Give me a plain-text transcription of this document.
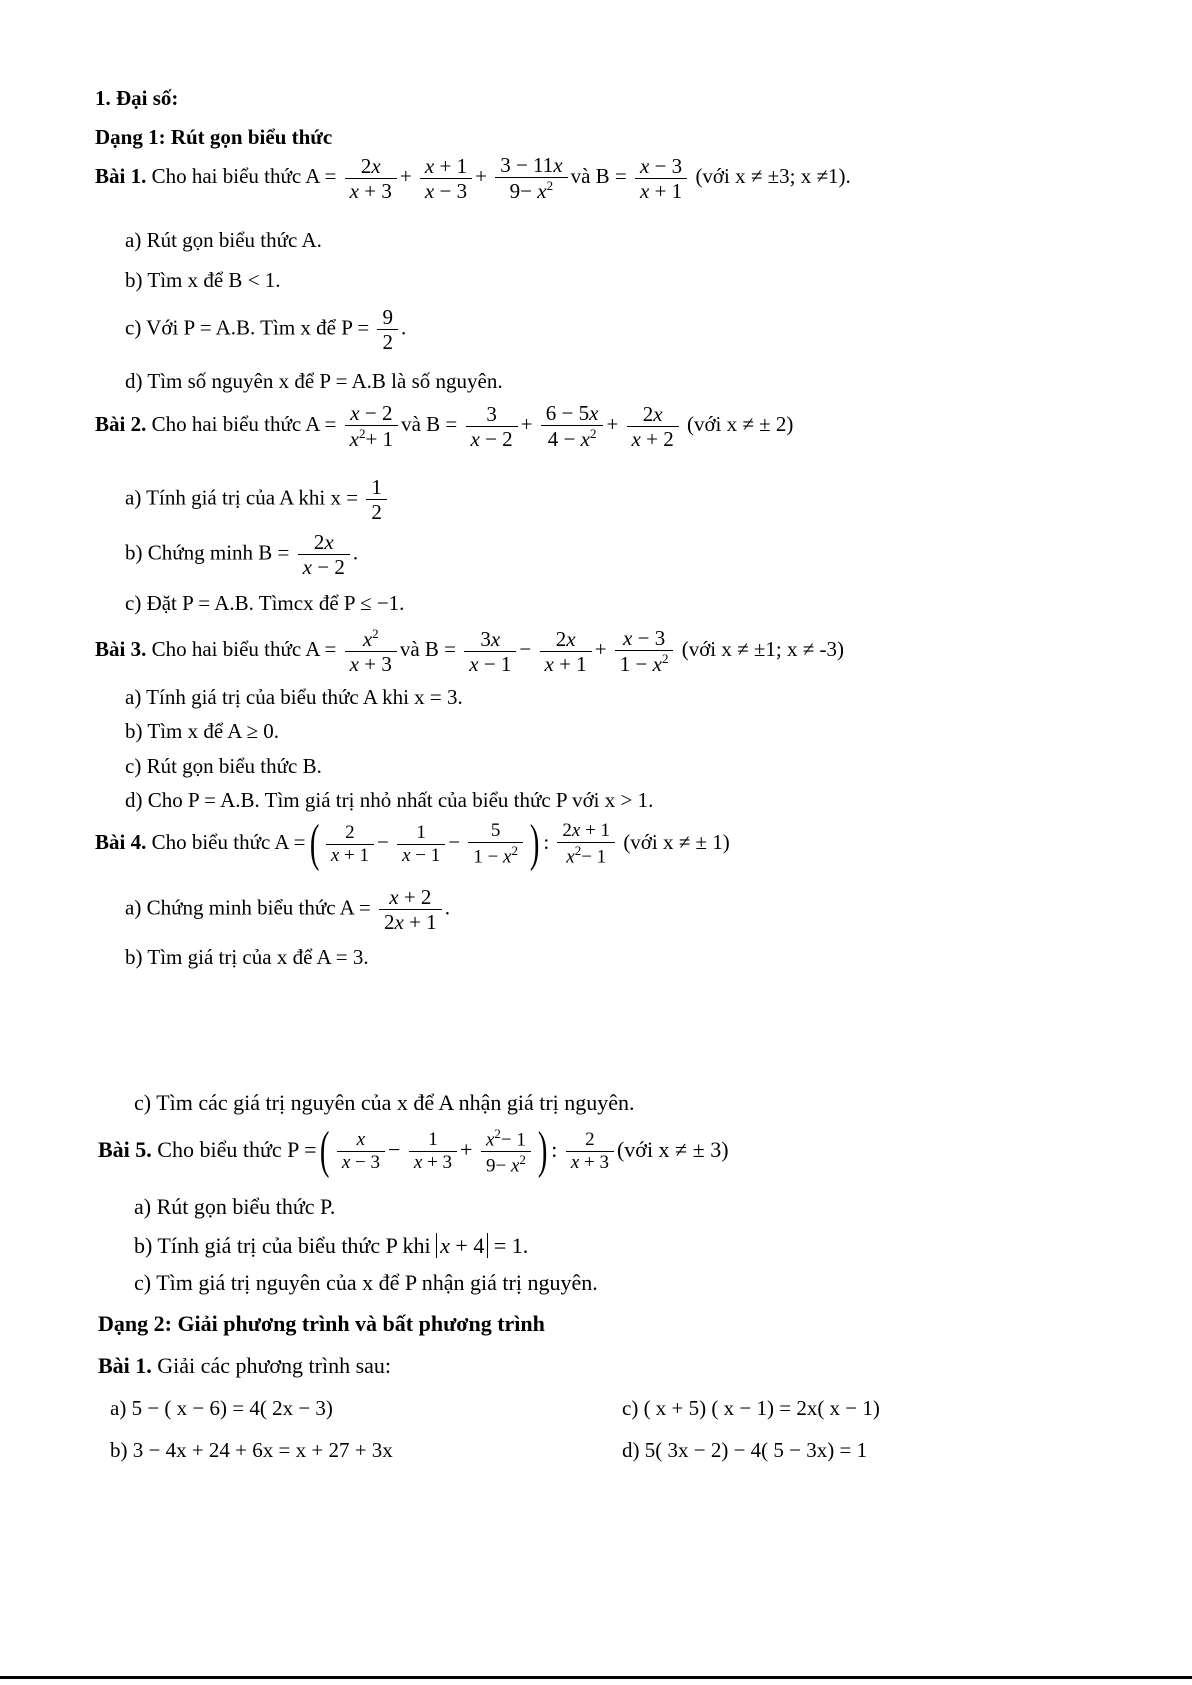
1. Đại số:
Dạng 1: Rút gọn biểu thức
Bài 1. Cho hai biểu thức $A = \frac{2x}{x + 3} + \frac{x + 1}{x - 3} + \frac{3 - 11x}{9- x^2}$ và $B = \frac{x - 3}{x + 1}$ (với x ≠ ±3; x ≠1).
a) Rút gọn biểu thức A.
b) Tìm x để B < 1.
c) Với P = A.B. Tìm x để $P = \frac{9}{2}$ .
d) Tìm số nguyên x để P = A.B là số nguyên.
Bài 2. Cho hai biểu thức $A = \frac{x - 2}{x^2+ 1}$ và $B = \frac{3}{x - 2} + \frac{6 - 5x}{4 - x^2} + \frac{2x}{x + 2}$ (với x ≠ ± 2)
a) Tính giá trị của A khi $x = \frac{1}{2}$
b) Chứng minh $B = \frac{2x}{x - 2}$ .
c) Đặt P = A.B. Tìmcx để P ≤ −1.
Bài 3. Cho hai biểu thức $A = \frac{x^2}{x + 3}$ và $B = \frac{3x}{x - 1} - \frac{2x}{x + 1} + \frac{x - 3}{1 - x^2}$ (với x ≠ ±1; x ≠ -3)
a) Tính giá trị của biểu thức A khi x = 3.
b) Tìm x để A ≥ 0.
c) Rút gọn biểu thức B.
d) Cho P = A.B. Tìm giá trị nhỏ nhất của biểu thức P với x > 1.
Bài 4. Cho biểu thức A =( $\frac{2}{x + 1} - \frac{1}{x - 1} - \frac{5}{1 - x^2}$ ) : $\frac{2x + 1}{x^2- 1}$ (với x ≠ ± 1)
a) Chứng minh biểu thức $A = \frac{x + 2}{2x + 1}$ .
b) Tìm giá trị của x để A = 3.
c) Tìm các giá trị nguyên của x để A nhận giá trị nguyên.
Bài 5. Cho biểu thức P =( $\frac{x}{x - 3} - \frac{1}{x + 3} + \frac{x^2- 1}{9- x^2}$ ) : $\frac{2}{x + 3}$ (với x ≠ ± 3)
a) Rút gọn biểu thức P.
b) Tính giá trị của biểu thức P khi x + 4 = 1.
c) Tìm giá trị nguyên của x để P nhận giá trị nguyên.
Dạng 2: Giải phương trình và bất phương trình
Bài 1. Giải các phương trình sau:
a) 5 − ( x − 6) = 4( 2x − 3)	c) ( x + 5) ( x − 1) = 2x( x − 1)
b) 3 − 4x + 24 + 6x = x + 27 + 3x	d) 5( 3x − 2) − 4( 5 − 3x) = 1
